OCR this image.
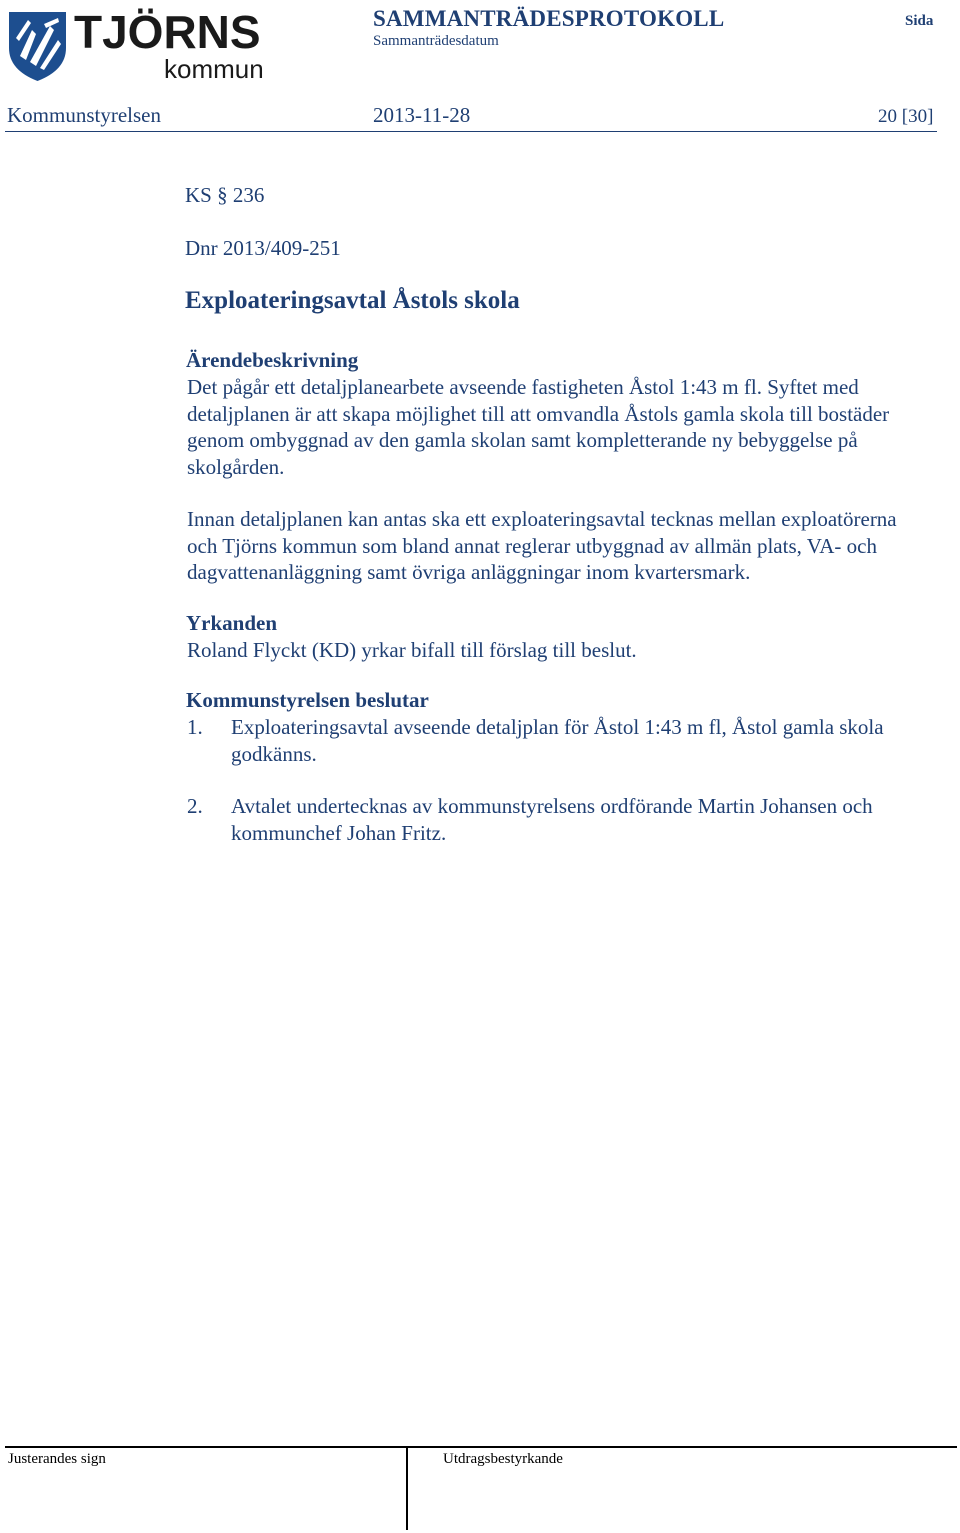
TJÖRNS
kommun
SAMMANTRÄDESPROTOKOLL
Sammanträdesdatum
Sida
Kommunstyrelsen	2013-11-28	20 [30]

KS § 236

Dnr 2013/409-251

Exploateringsavtal Åstols skola
Ärendebeskrivning

Det pågår ett detaljplanearbete avseende fastigheten Åstol 1:43 m fl. Syftet med detaljplanen är att skapa möjlighet till att omvandla Åstols gamla skola till bostäder genom ombyggnad av den gamla skolan samt kompletterande ny bebyggelse på skolgården.

Innan detaljplanen kan antas ska ett exploateringsavtal tecknas mellan exploatörerna och Tjörns kommun som bland annat reglerar utbyggnad av allmän plats, VA- och dagvattenanläggning samt övriga anläggningar inom kvartersmark.

Yrkanden

Roland Flyckt (KD) yrkar bifall till förslag till beslut.

Kommunstyrelsen beslutar
1. Exploateringsavtal avseende detaljplan för Åstol 1:43 m fl, Åstol gamla skola godkänns.
2. Avtalet undertecknas av kommunstyrelsens ordförande Martin Johansen och kommunchef Johan Fritz.
Justerandes sign	Utdragsbestyrkande
